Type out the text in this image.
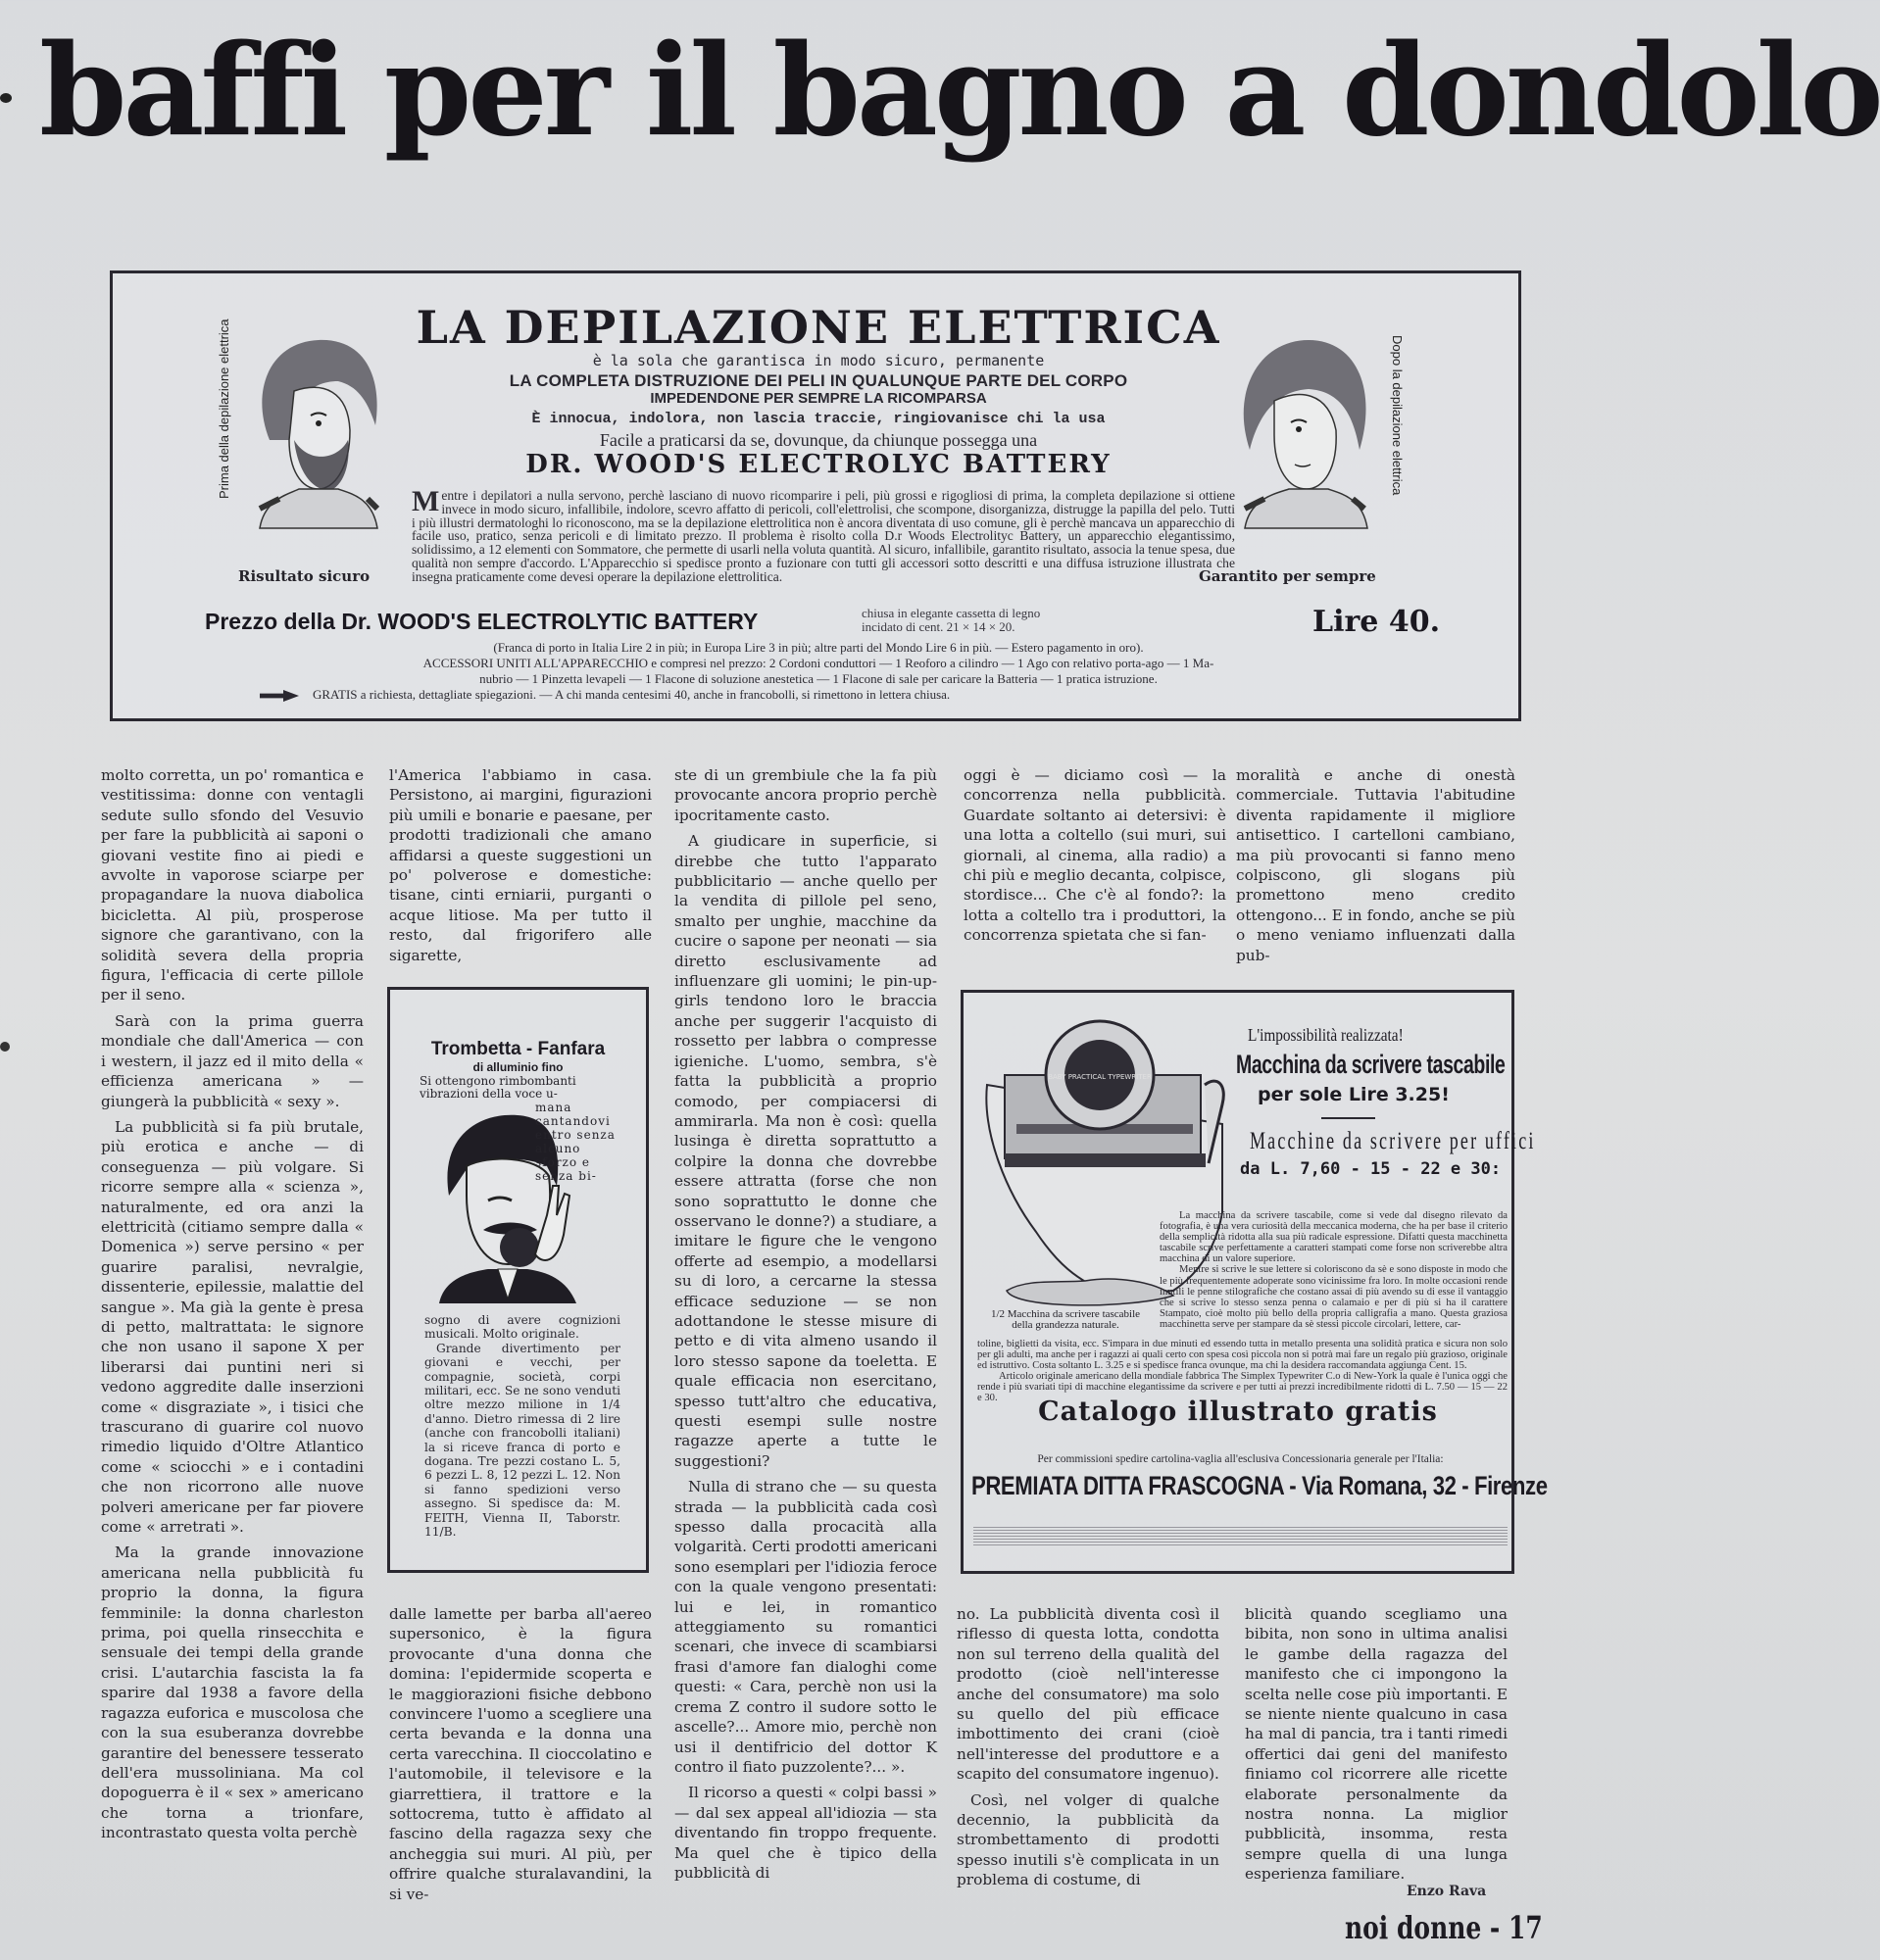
baffi per il bagno a dondolo
LA DEPILAZIONE ELETTRICA
è la sola che garantisca in modo sicuro, permanente
LA COMPLETA DISTRUZIONE DEI PELI IN QUALUNQUE PARTE DEL CORPO
IMPEDENDONE PER SEMPRE LA RICOMPARSA
È innocua, indolora, non lascia traccie, ringiovanisce chi la usa
Facile a praticarsi da se, dovunque, da chiunque possegga una
DR. WOOD'S ELECTROLYC BATTERY
Prima della depilazione elettrica
Risultato sicuro

Mentre i depilatori a nulla servono, perchè lasciano di nuovo ricomparire i peli, più grossi e rigogliosi di prima, la completa depilazione si ottiene invece in modo sicuro, infallibile, indolore, scevro affatto di pericoli, coll'elettrolisi, che scompone, disorganizza, distrugge la papilla del pelo. Tutti i più illustri dermatologhi lo riconoscono, ma se la depilazione elettrolitica non è ancora diventata di uso comune, gli è perchè mancava un apparecchio di facile uso, pratico, senza pericoli e di limitato prezzo. Il problema è risolto colla D.r Woods Electrolityc Battery, un apparecchio elegantissimo, solidissimo, a 12 elementi con Sommatore, che permette di usarli nella voluta quantità. Al sicuro, infallibile, garantito risultato, associa la tenue spesa, due qualità non sempre d'accordo. L'Apparecchio si spedisce pronto a fuzionare con tutti gli accessori sotto descritti e una diffusa istruzione illustrata che insegna praticamente come devesi operare la depilazione elettrolitica.

Dopo la depilazione elettrica
Garantito per sempre
Prezzo della Dr. WOOD'S ELECTROLYTIC BATTERY	chiusa in elegante cassetta di legno
incidato di cent. 21 × 14 × 20.	Lire 40.
(Franca di porto in Italia Lire 2 in più; in Europa Lire 3 in più; altre parti del Mondo Lire 6 in più. — Estero pagamento in oro).
ACCESSORI UNITI ALL'APPARECCHIO e compresi nel prezzo: 2 Cordoni conduttori — 1 Reoforo a cilindro — 1 Ago con relativo porta-ago — 1 Ma-
nubrio — 1 Pinzetta levapeli — 1 Flacone di soluzione anestetica — 1 Flacone di sale per caricare la Batteria — 1 pratica istruzione.
GRATIS a richiesta, dettagliate spiegazioni. — A chi manda centesimi 40, anche in francobolli, si rimettono in lettera chiusa.

molto corretta, un po' romantica e vestitissima: donne con ventagli sedute sullo sfondo del Vesuvio per fare la pubblicità ai saponi o giovani vestite fino ai piedi e avvolte in vaporose sciarpe per propagandare la nuova diabolica bicicletta. Al più, prosperose signore che garantivano, con la solidità severa della propria figura, l'efficacia di certe pillole per il seno.

Sarà con la prima guerra mondiale che dall'America — con i western, il jazz ed il mito della « efficienza americana » — giungerà la pubblicità « sexy ».

La pubblicità si fa più brutale, più erotica e anche — di conseguenza — più volgare. Si ricorre sempre alla « scienza », naturalmente, ed ora anzi la elettricità (citiamo sempre dalla « Domenica ») serve persino « per guarire paralisi, nevralgie, dissenterie, epilessie, malattie del sangue ». Ma già la gente è presa di petto, maltrattata: le signore che non usano il sapone X per liberarsi dai puntini neri si vedono aggredite dalle inserzioni come « disgraziate », i tisici che trascurano di guarire col nuovo rimedio liquido d'Oltre Atlantico come « sciocchi » e i contadini che non ricorrono alle nuove polveri americane per far piovere come « arretrati ».

Ma la grande innovazione americana nella pubblicità fu proprio la donna, la figura femminile: la donna charleston prima, poi quella rinsecchita e sensuale dei tempi della grande crisi. L'autarchia fascista la fa sparire dal 1938 a favore della ragazza euforica e muscolosa che con la sua esuberanza dovrebbe garantire del benessere tesserato dell'era mussoliniana. Ma col dopoguerra è il « sex » americano che torna a trionfare, incontrastato questa volta perchè

l'America l'abbiamo in casa. Persistono, ai margini, figurazioni più umili e bonarie e paesane, per prodotti tradizionali che amano affidarsi a queste suggestioni un po' polverose e domestiche: tisane, cinti erniarii, purganti o acque litiose. Ma per tutto il resto, dal frigorifero alle sigarette,

Trombetta - Fanfara
di alluminio fino
Si ottengono rimbombanti vibrazioni della voce u-
mana cantandovi entro senza alcuno sforzo e senza bi-

sogno di avere cognizioni musicali. Molto originale.

Grande divertimento per giovani e vecchi, per compagnie, società, corpi militari, ecc. Se ne sono venduti oltre mezzo milione in 1/4 d'anno. Dietro rimessa di 2 lire (anche con francobolli italiani) la si riceve franca di porto e dogana. Tre pezzi costano L. 5, 6 pezzi L. 8, 12 pezzi L. 12. Non si fanno spedizioni verso assegno. Si spedisce da: M. FEITH, Vienna II, Taborstr. 11/B.

dalle lamette per barba all'aereo supersonico, è la figura provocante d'una donna che domina: l'epidermide scoperta e le maggiorazioni fisiche debbono convincere l'uomo a scegliere una certa bevanda e la donna una certa varecchina. Il cioccolatino e l'automobile, il televisore e la giarrettiera, il trattore e la sottocrema, tutto è affidato al fascino della ragazza sexy che ancheggia sui muri. Al più, per offrire qualche sturalavandini, la si ve-

ste di un grembiule che la fa più provocante ancora proprio perchè ipocritamente casto.

A giudicare in superficie, si direbbe che tutto l'apparato pubblicitario — anche quello per la vendita di pillole pel seno, smalto per unghie, macchine da cucire o sapone per neonati — sia diretto esclusivamente ad influenzare gli uomini; le pin-up-girls tendono loro le braccia anche per suggerir l'acquisto di rossetto per labbra o compresse igieniche. L'uomo, sembra, s'è fatta la pubblicità a proprio comodo, per compiacersi di ammirarla. Ma non è così: quella lusinga è diretta soprattutto a colpire la donna che dovrebbe essere attratta (forse che non sono soprattutto le donne che osservano le donne?) a studiare, a imitare le figure che le vengono offerte ad esempio, a modellarsi su di loro, a cercarne la stessa efficace seduzione — se non adottandone le stesse misure di petto e di vita almeno usando il loro stesso sapone da toeletta. E quale efficacia non esercitano, spesso tutt'altro che educativa, questi esempi sulle nostre ragazze aperte a tutte le suggestioni?

Nulla di strano che — su questa strada — la pubblicità cada così spesso dalla procacità alla volgarità. Certi prodotti americani sono esemplari per l'idiozia feroce con la quale vengono presentati: lui e lei, in romantico atteggiamento su romantici scenari, che invece di scambiarsi frasi d'amore fan dialoghi come questi: « Cara, perchè non usi la crema Z contro il sudore sotto le ascelle?... Amore mio, perchè non usi il dentifricio del dottor K contro il fiato puzzolente?... ».

Il ricorso a questi « colpi bassi » — dal sex appeal all'idiozia — sta diventando fin troppo frequente. Ma quel che è tipico della pubblicità di

oggi è — diciamo così — la concorrenza nella pubblicità. Guardate soltanto ai detersivi: è una lotta a coltello (sui muri, sui giornali, al cinema, alla radio) a chi più e meglio decanta, colpisce, stordisce... Che c'è al fondo?: la lotta a coltello tra i produttori, la concorrenza spietata che si fan-

moralità e anche di onestà commerciale. Tuttavia l'abitudine diventa rapidamente il migliore antisettico. I cartelloni cambiano, ma più provocanti si fanno meno colpiscono, gli slogans più promettono meno credito ottengono... E in fondo, anche se più o meno veniamo influenzati dalla pub-

BABY PRACTICAL TYPEWRITER
L'impossibilità realizzata!
Macchina da scrivere tascabile
per sole Lire 3.25!
Macchine da scrivere per uffici
da L. 7,60 - 15 - 22 e 30:

La macchina da scrivere tascabile, come si vede dal disegno rilevato da fotografia, è una vera curiosità della meccanica moderna, che ha per base il criterio della semplicità ridotta alla sua più radicale espressione. Difatti questa macchinetta tascabile scrive perfettamente a caratteri stampati come forse non scriverebbe altra macchina di un valore superiore.

Mentre si scrive le sue lettere si coloriscono da sè e sono disposte in modo che le più frequentemente adoperate sono vicinissime fra loro. In molte occasioni rende inutili le penne stilografiche che costano assai di più avendo su di esse il vantaggio che si scrive lo stesso senza penna o calamaio e per di più si ha il carattere Stampato, cioè molto più bello della propria calligrafia a mano. Questa graziosa macchinetta serve per stampare da sè stessi piccole circolari, lettere, car-

1/2 Macchina da scrivere tascabile della grandezza naturale.

toline, biglietti da visita, ecc. S'impara in due minuti ed essendo tutta in metallo presenta una solidità pratica e sicura non solo per gli adulti, ma anche per i ragazzi ai quali certo con spesa così piccola non si potrà mai fare un regalo più grazioso, originale ed istruttivo. Costa soltanto L. 3.25 e si spedisce franca ovunque, ma chi la desidera raccomandata aggiunga Cent. 15.

Articolo originale americano della mondiale fabbrica The Simplex Typewriter C.o di New-York la quale è l'unica oggi che rende i più svariati tipi di macchine elegantissime da scrivere e per tutti ai prezzi incredibilmente ridotti di L. 7.50 — 15 — 22 e 30.	Catalogo illustrato gratis
Per commissioni spedire cartolina-vaglia all'esclusiva Concessionaria generale per l'Italia:
PREMIATA DITTA FRASCOGNA - Via Romana, 32 - Firenze

no. La pubblicità diventa così il riflesso di questa lotta, condotta non sul terreno della qualità del prodotto (cioè nell'interesse anche del consumatore) ma solo su quello del più efficace imbottimento dei crani (cioè nell'interesse del produttore e a scapito del consumatore ingenuo).

Così, nel volger di qualche decennio, la pubblicità da strombettamento di prodotti spesso inutili s'è complicata in un problema di costume, di

blicità quando scegliamo una bibita, non sono in ultima analisi le gambe della ragazza del manifesto che ci impongono la scelta nelle cose più importanti. E se niente niente qualcuno in casa ha mal di pancia, tra i tanti rimedi offertici dai geni del manifesto finiamo col ricorrere alle ricette elaborate personalmente da nostra nonna. La miglior pubblicità, insomma, resta sempre quella di una lunga esperienza familiare.

Enzo Rava
noi donne - 17
